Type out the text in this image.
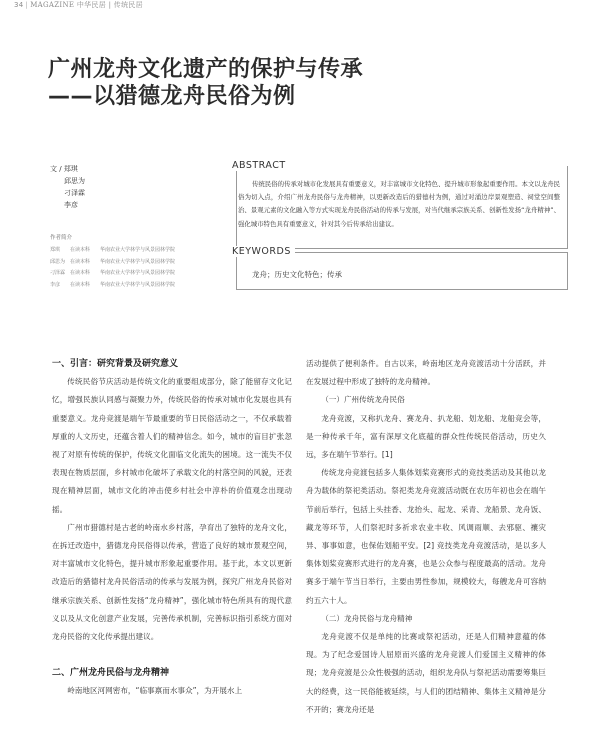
34 | MAGAZINE 中华民居 | 传统民居
广州龙舟文化遗产的保护与传承
——以猎德龙舟民俗为例
文 / 郑琪
邱思为
刁泽霖
李彦
作者简介
郑琪 在读本科 华南农业大学林学与风景园林学院
邱思为 在读本科 华南农业大学林学与风景园林学院
刁泽霖 在读本科 华南农业大学林学与风景园林学院
李彦 在读本科 华南农业大学林学与风景园林学院
ABSTRACT
传统民俗的传承对城市化发展具有重要意义，对丰富城市文化特色、提升城市形象起重要作用。本文以龙舟民俗为切入点，介绍广州龙舟民俗与龙舟精神，以更新改造后的猎德村为例，通过对涌边岸景观塑造、祠堂空间整治、景观元素的文化融入等方式实现龙舟民俗活动的传承与发展，对当代继承宗族关系、创新性发扬“龙舟精神”、强化城市特色具有重要意义，针对其今后传承给出建议。
KEYWORDS
龙舟；历史文化特色；传承
一、引言：研究背景及研究意义

传统民俗节庆活动是传统文化的重要组成部分，除了能留存文化记忆，增强民族认同感与凝聚力外，传统民俗的传承对城市化发展也具有重要意义。龙舟竞渡是端午节最重要的节日民俗活动之一，不仅承载着厚重的人文历史，还蕴含着人们的精神信念。如今，城市的盲目扩张忽视了对原有传统的保护，传统文化面临文化流失的困境。这一流失不仅表现在物质层面，乡村城市化破坏了承载文化的村落空间的风貌，还表现在精神层面，城市文化的冲击使乡村社会中淳朴的价值观念出现动摇。

广州市猎德村是古老的岭南水乡村落，孕育出了独特的龙舟文化，在拆迁改造中，猎德龙舟民俗得以传承，营造了良好的城市景观空间，对丰富城市文化特色，提升城市形象起重要作用。基于此，本文以更新改造后的猎德村龙舟民俗活动的传承与发展为例，探究广州龙舟民俗对继承宗族关系、创新性发扬“龙舟精神”，强化城市特色所具有的现代意义以及从文化创意产业发展，完善传承机制，完善标识指引系统方面对龙舟民俗的文化传承提出建议。

二、广州龙舟民俗与龙舟精神

岭南地区河网密布，“临事禀而水事众”，为开展水上

活动提供了便利条件。自古以来，岭南地区龙舟竞渡活动十分活跃，并在发展过程中形成了独特的龙舟精神。

（一）广州传统龙舟民俗

龙舟竞渡，又称扒龙舟、赛龙舟、扒龙船、划龙船、龙船竞会等，是一种传承千年，富有深厚文化底蕴的群众性传统民俗活动，历史久远，多在端午节举行。[1]

传统龙舟竞渡包括多人集体划桨竞赛形式的竞技类活动及其他以龙舟为载体的祭祀类活动。祭祀类龙舟竞渡活动既在农历年初也会在端午节前后举行，包括上头挂香、龙抬头、起龙、采青、龙船景、龙舟饭、藏龙等环节，人们祭祀时多祈求农业丰收、风调雨顺、去邪驱、禳灾异、事事如意，也保佑划船平安。[2] 竞技类龙舟竞渡活动，是以多人集体划桨竞赛形式进行的龙舟赛，也是公众参与程度最高的活动。龙舟赛多于端午节当日举行，主要由男性参加，规模较大，每艘龙舟可容纳约五六十人。

（二）龙舟民俗与龙舟精神

龙舟竞渡不仅是单纯的比赛或祭祀活动，还是人们精神意蕴的体现。为了纪念爱国诗人屈原而兴盛的龙舟竞渡人们爱国主义精神的体现；龙舟竞渡是公众性极强的活动，组织龙舟队与祭祀活动需要筹集巨大的经费，这一民俗能被延续，与人们的团结精神、集体主义精神是分不开的；赛龙舟还是
